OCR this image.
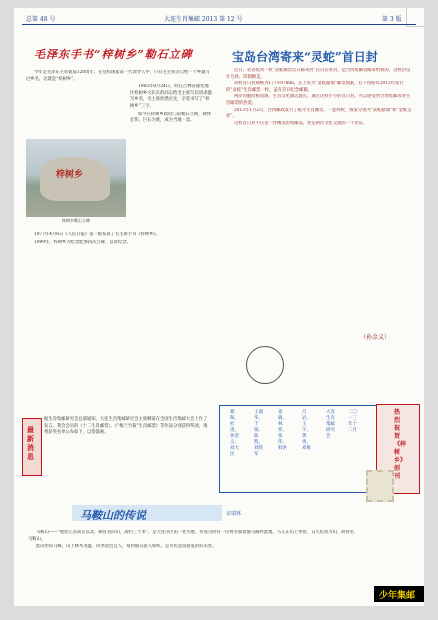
总第 48 号	大连生肖集邮 2013 第 12 号	第 3 版
毛泽东手书“梓树乡”勒石立碑

今年是毛泽东主席诞辰120周年，在党和国家第一代领导人中，只有毛主席亲自给一个乡题写过乡名，这就是“梓树乡”。

1965年8月24日，时任吉林省通化地区梓树乡大队长的同志给毛主席写信请求题写乡名，毛主席欣然应允，亲笔书写了“梓树乡”三字。

如今在梓树乡政府门前勒石立碑，碑体宏伟，巨石为底，成为当地一景。

梓树乡
梓树乡勒石立碑

1977年4月6日《人民日报》第一版发表了毛主席手书《梓树乡》。

1999年，梓树乡为纪念此事再次立碑，以资纪念。

宝岛台湾寄来“灵蛇”首日封

近日，笔者收到一枚“灵蛇邮票首日邮寄封”首日实寄封，是台湾集邮者邮寄给我的，这枚封设计巧妙，印制精美。

该枚首日封规格为177×97mm，左上角为“灵蛇献瑞”邮票图案，右下角贴有2013年发行的“灵蛇”生肖邮票一枚，盖有首日纪念邮戳。

两岸同胞同根同源，生肖文化源远流长。通过这枚小小的首日封，可以感受到台湾集邮者对生肖邮票的热爱。

2013年1月2日，台湾邮政发行了蛇年生肖邮票，一套两枚，图案分别为“灵蛇献瑞”和“金蛇呈祥”。

这枚首日封不仅是一件精美的集邮品，更是两岸文化交流的一个见证。

（孙金义）
最新消息
据生肖集邮研究会总部通知，大连生肖集邮研究会主席柳前在全国生肖集邮大会上作了发言。我会会员的《十二生肖邮票》、《“梅兰竹菊”生肖邮票》等作品分别获得奖项，现将获奖名单公布如下，以资鼓励。
朝晖、杜进、孙金义、刘大民
王淑华、于娟、陈凯、刘铁军
姜敏、林梓、张伟、韩洪
吕岩、王宇、黄勇、邓维
大连生肖集邮研究会
二〇一三年十二月
热烈祝贺《梓树乡》创刊
马鞍山的传说	宋瑞林

马鞍山——“地处江苏南京以北，颇有名的山，高约三十米”，是大连市区的一处名胜。传说古时有一位将军骑着骏马路经此地，马儿在山上停留，日久化而为山，故得名马鞍山。

此山形似马鞍，山上林木茂盛，四季景色宜人，每到假日游人如织，是市民登高游览的好去处。

少年集邮
